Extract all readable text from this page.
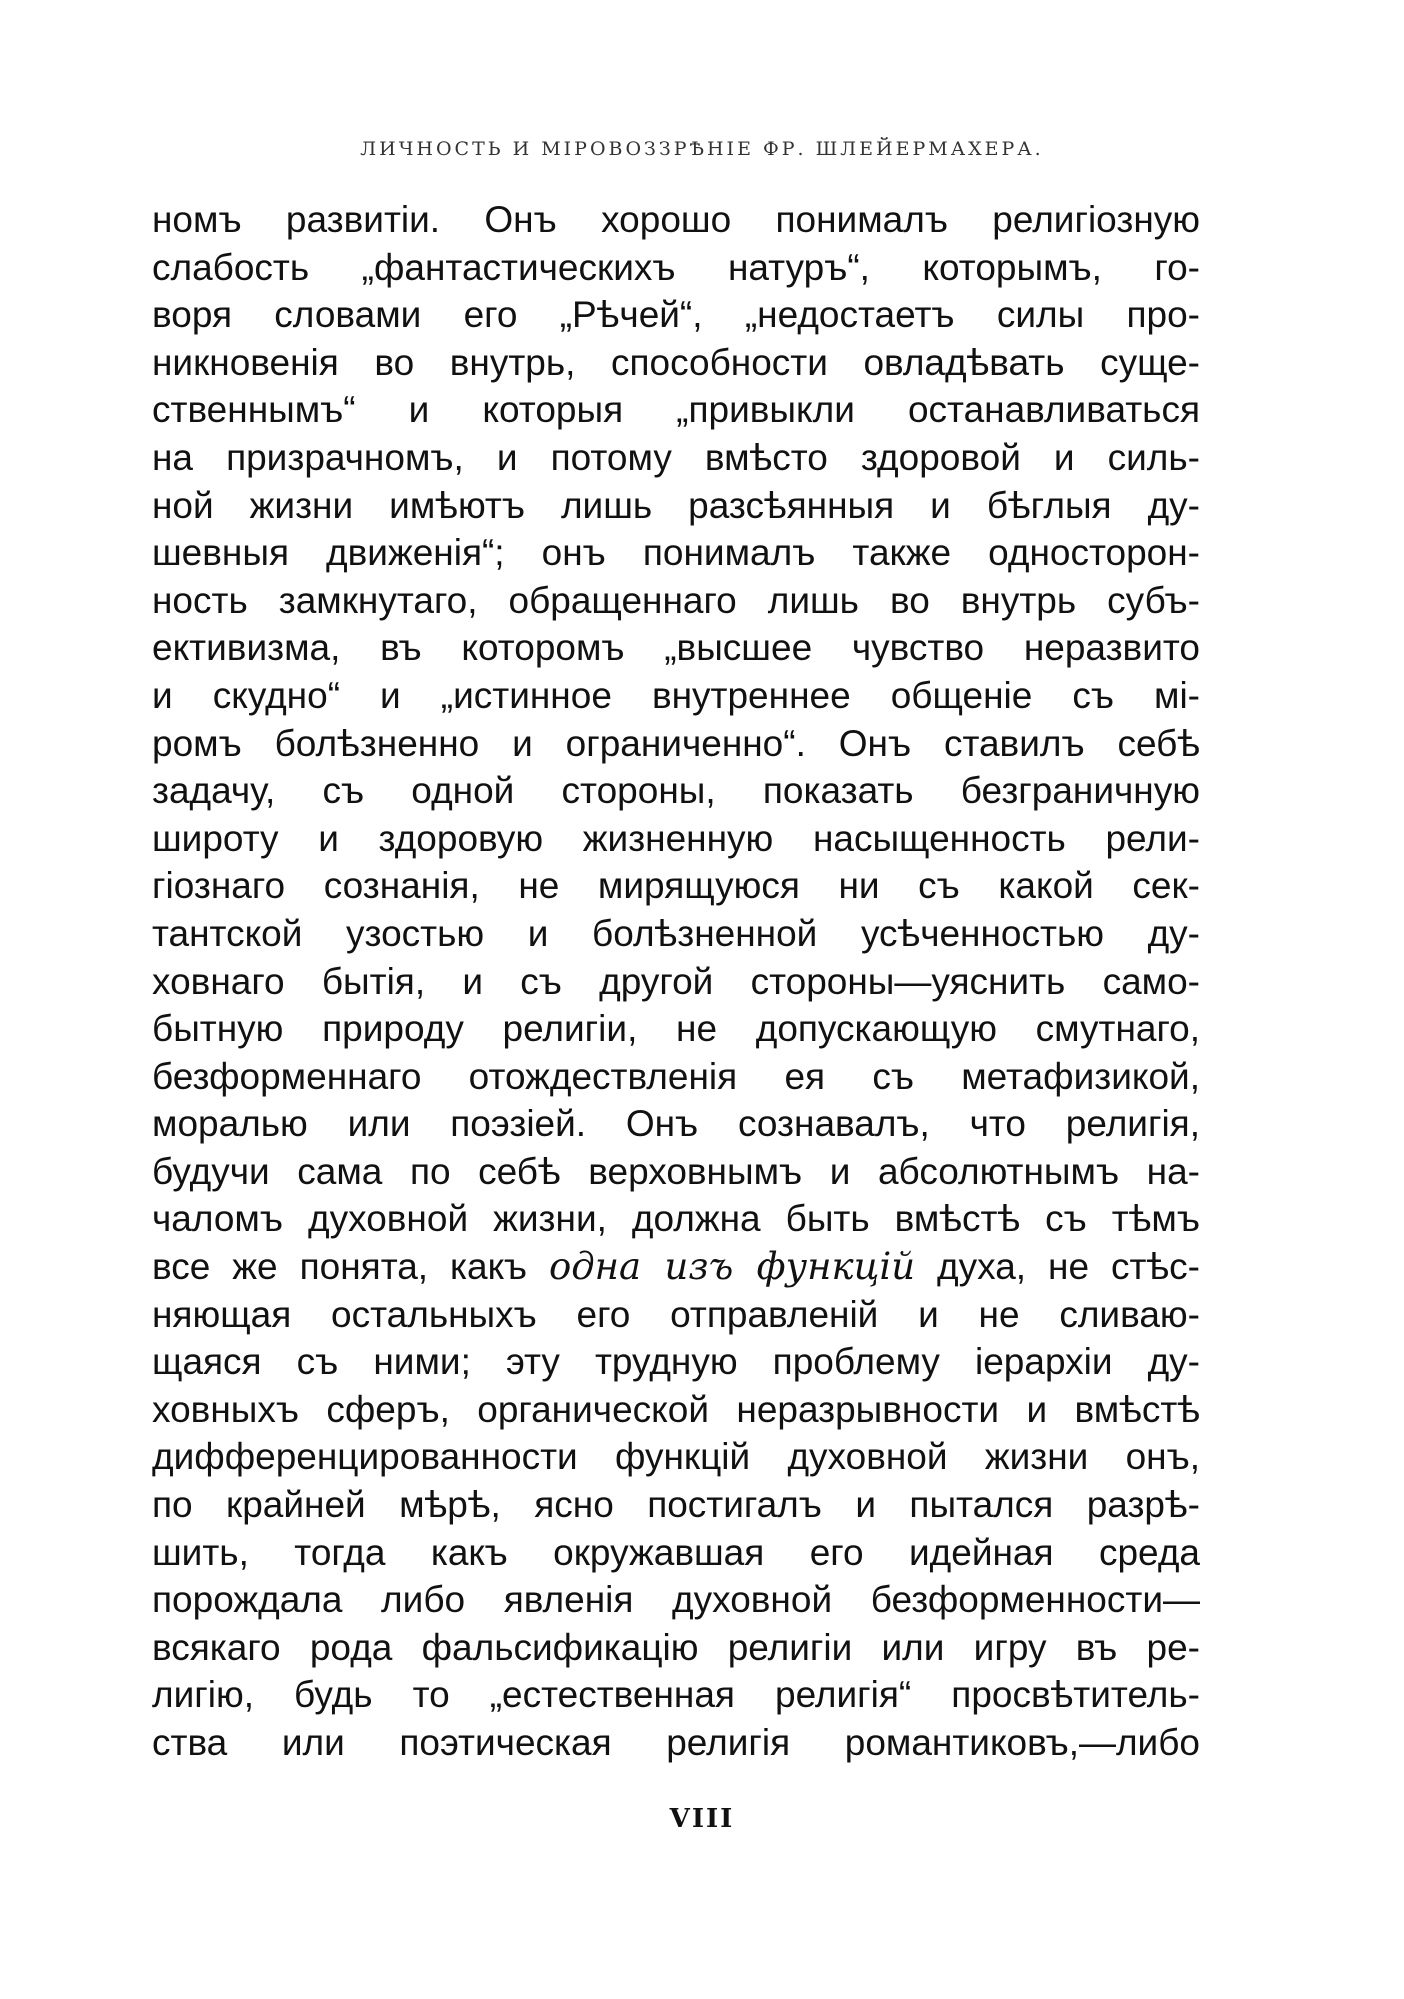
ЛИЧНОСТЬ И МІРОВОЗЗРѢНІЕ ФР. ШЛЕЙЕРМАХЕРА.
номъ развитіи. Онъ хорошо понималъ религіозную
слабость „фантастическихъ натуръ“, которымъ, го-
воря словами его „Рѣчей“, „недостаетъ силы про-
никновенія во внутрь, способности овладѣвать суще-
ственнымъ“ и которыя „привыкли останавливаться
на призрачномъ, и потому вмѣсто здоровой и силь-
ной жизни имѣютъ лишь разсѣянныя и бѣглыя ду-
шевныя движенія“; онъ понималъ также односторон-
ность замкнутаго, обращеннаго лишь во внутрь субъ-
ективизма, въ которомъ „высшее чувство неразвито
и скудно“ и „истинное внутреннее общеніе съ мі-
ромъ болѣзненно и ограниченно“. Онъ ставилъ себѣ
задачу, съ одной стороны, показать безграничную
широту и здоровую жизненную насыщенность рели-
гіознаго сознанія, не мирящуюся ни съ какой сек-
тантской узостью и болѣзненной усѣченностью ду-
ховнаго бытія, и съ другой стороны—уяснить само-
бытную природу религіи, не допускающую смутнаго,
безформеннаго отождествленія ея съ метафизикой,
моралью или поэзіей. Онъ сознавалъ, что религія,
будучи сама по себѣ верховнымъ и абсолютнымъ на-
чаломъ духовной жизни, должна быть вмѣстѣ съ тѣмъ
все же понята, какъ одна изъ функцій духа, не стѣс-
няющая остальныхъ его отправленій и не сливаю-
щаяся съ ними; эту трудную проблему іерархіи ду-
ховныхъ сферъ, органической неразрывности и вмѣстѣ
дифференцированности функцій духовной жизни онъ,
по крайней мѣрѣ, ясно постигалъ и пытался разрѣ-
шить, тогда какъ окружавшая его идейная среда
порождала либо явленія духовной безформенности—
всякаго рода фальсификацію религіи или игру въ ре-
лигію, будь то „естественная религія“ просвѣтитель-
ства или поэтическая религія романтиковъ,—либо
VIII
